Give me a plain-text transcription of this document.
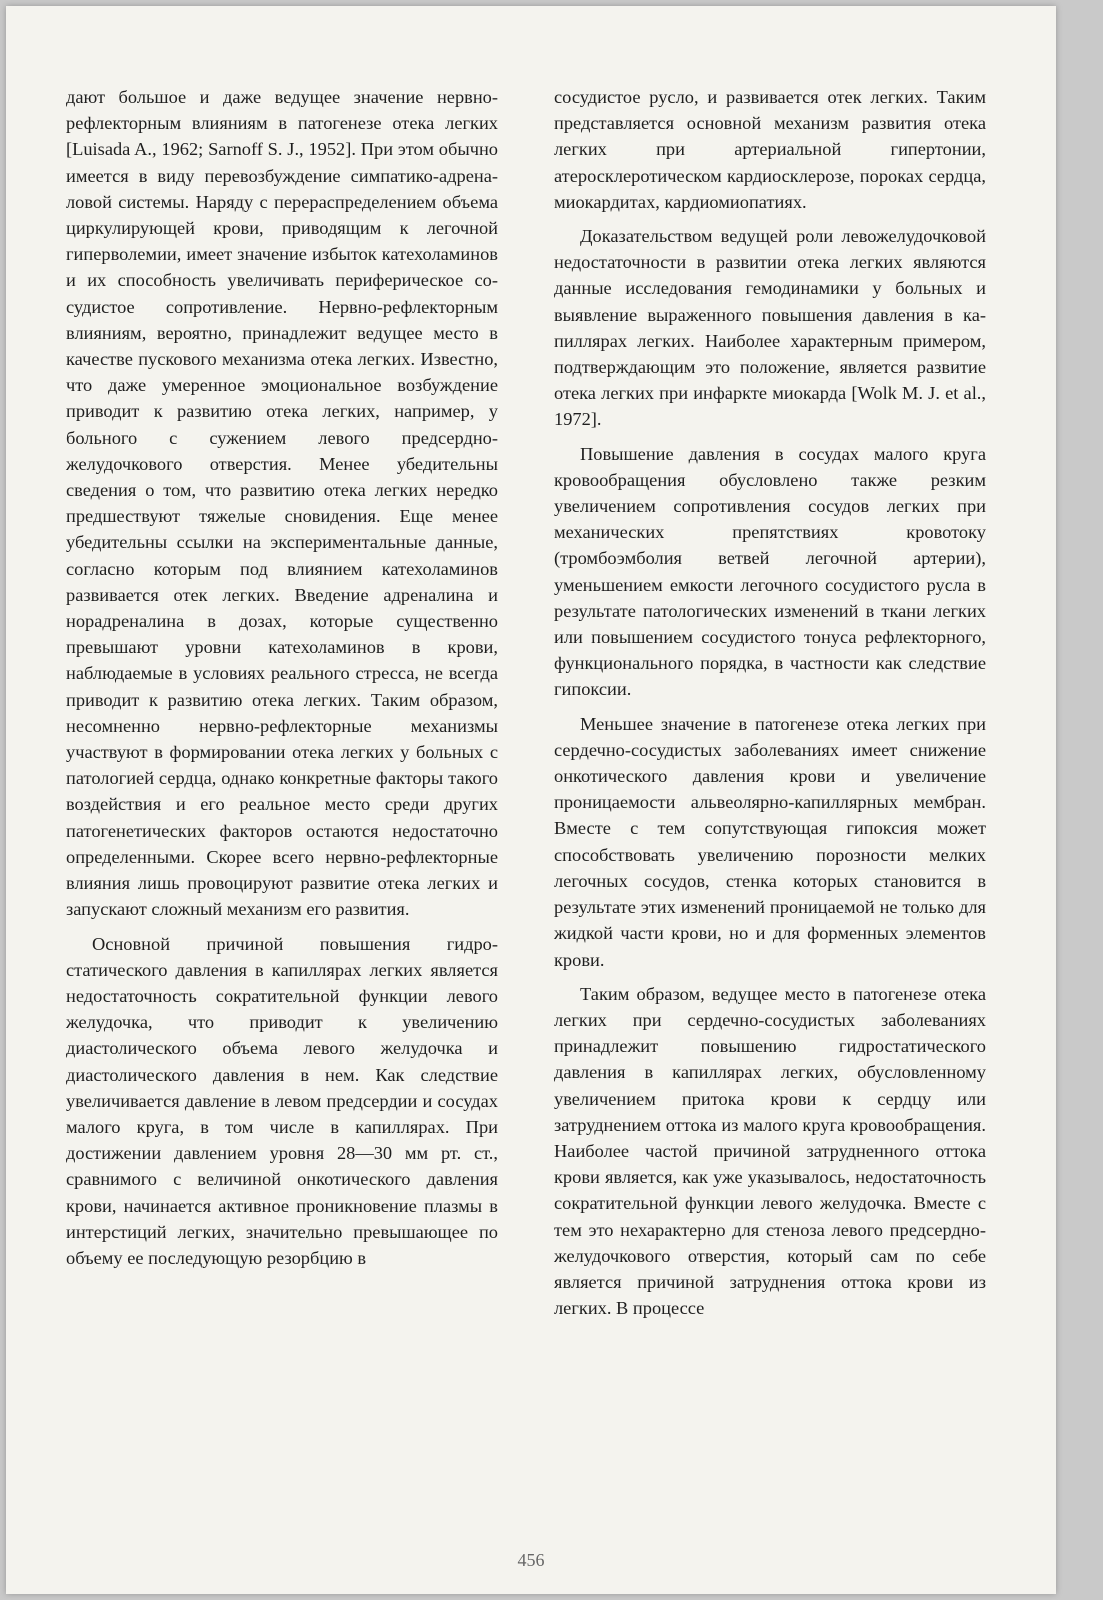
дают большое и даже ведущее значение нервно-рефлекторным влияниям в патогенезе отека легких [Luisada A., 1962; Sarnoff S. J., 1952]. При этом обычно имеется в виду перевозбуждение симпатико-адреналовой системы. Наряду с перераспределением объема циркулирующей крови, приводящим к легочной гиперволемии, имеет значение избыток катехоламинов и их способность увеличивать периферическое сосудистое сопротивление. Нервно-рефлекторным влияниям, вероятно, принадлежит ведущее место в качестве пускового механизма отека легких. Известно, что даже умеренное эмоциональное возбуждение приводит к развитию отека легких, например, у больного с сужением левого предсердно-желудочкового отверстия. Менее убедительны сведения о том, что развитию отека легких нередко предшествуют тяжелые сновидения. Еще менее убедительны ссылки на экспериментальные данные, согласно которым под влиянием катехоламинов развивается отек легких. Введение адреналина и норадреналина в дозах, которые существенно превышают уровни катехоламинов в крови, наблюдаемые в условиях реального стресса, не всегда приводит к развитию отека легких. Таким образом, несомненно нервно-рефлекторные механизмы участвуют в формировании отека легких у больных с патологией сердца, однако конкретные факторы такого воздействия и его реальное место среди других патогенетических факторов остаются недостаточно определенными. Скорее всего нервно-рефлекторные влияния лишь провоцируют развитие отека легких и запускают сложный механизм его развития.

Основной причиной повышения гидростатического давления в капиллярах легких является недостаточность сократительной функции левого желудочка, что приводит к увеличению диастолического объема левого желудочка и диастолического давления в нем. Как следствие увеличивается давление в левом предсердии и сосудах малого круга, в том числе в капиллярах. При достижении давлением уровня 28—30 мм рт. ст., сравнимого с величиной онкотического давления крови, начинается активное проникновение плазмы в интерстиций легких, значительно превышающее по объему ее последующую резорбцию в

сосудистое русло, и развивается отек легких. Таким представляется основной механизм развития отека легких при артериальной гипертонии, атеросклеротическом кардиосклерозе, пороках сердца, миокардитах, кардиомиопатиях.

Доказательством ведущей роли левожелудочковой недостаточности в развитии отека легких являются данные исследования гемодинамики у больных и выявление выраженного повышения давления в капиллярах легких. Наиболее характерным примером, подтверждающим это положение, является развитие отека легких при инфаркте миокарда [Wolk M. J. et al., 1972].

Повышение давления в сосудах малого круга кровообращения обусловлено также резким увеличением сопротивления сосудов легких при механических препятствиях кровотоку (тромбоэмболия ветвей легочной артерии), уменьшением емкости легочного сосудистого русла в результате патологических изменений в ткани легких или повышением сосудистого тонуса рефлекторного, функционального порядка, в частности как следствие гипоксии.

Меньшее значение в патогенезе отека легких при сердечно-сосудистых заболеваниях имеет снижение онкотического давления крови и увеличение проницаемости альвеолярно-капиллярных мембран. Вместе с тем сопутствующая гипоксия может способствовать увеличению порозности мелких легочных сосудов, стенка которых становится в результате этих изменений проницаемой не только для жидкой части крови, но и для форменных элементов крови.

Таким образом, ведущее место в патогенезе отека легких при сердечно-сосудистых заболеваниях принадлежит повышению гидростатического давления в капиллярах легких, обусловленному увеличением притока крови к сердцу или затруднением оттока из малого круга кровообращения. Наиболее частой причиной затрудненного оттока крови является, как уже указывалось, недостаточность сократительной функции левого желудочка. Вместе с тем это нехарактерно для стеноза левого предсердно-желудочкового отверстия, который сам по себе является причиной затруднения оттока крови из легких. В процессе

456
